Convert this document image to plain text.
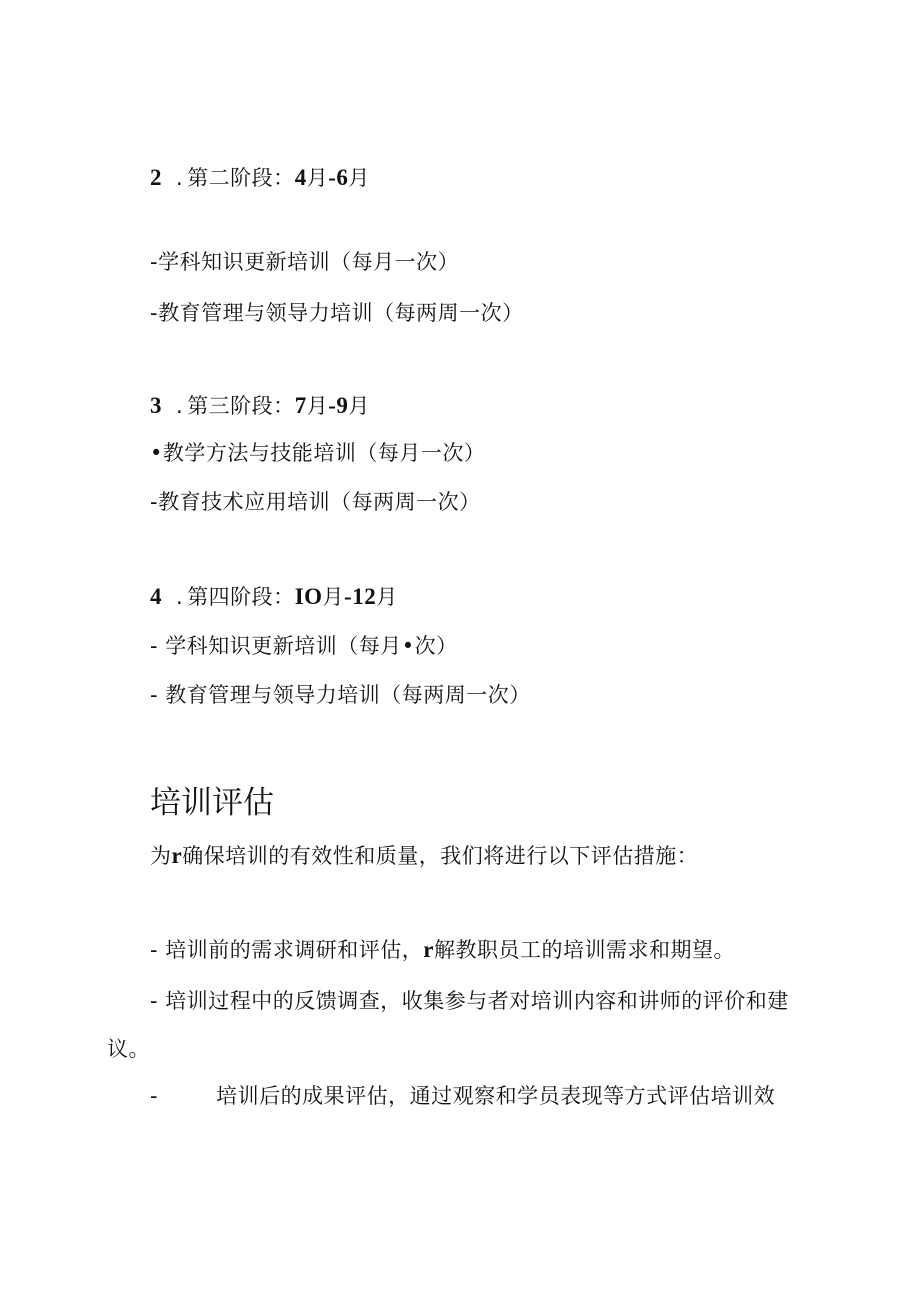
2 . 第二阶段：4月-6月
-学科知识更新培训（每月一次）
-教育管理与领导力培训（每两周一次）
3 . 第三阶段：7月-9月
•教学方法与技能培训（每月一次）
-教育技术应用培训（每两周一次）
4 . 第四阶段：IO月-12月
- 学科知识更新培训（每月•次）
- 教育管理与领导力培训（每两周一次）
培训评估
为r确保培训的有效性和质量，我们将进行以下评估措施：
- 培训前的需求调研和评估，r解教职员工的培训需求和期望。
- 培训过程中的反馈调查，收集参与者对培训内容和讲师的评价和建
议。
-	培训后的成果评估，通过观察和学员表现等方式评估培训效
